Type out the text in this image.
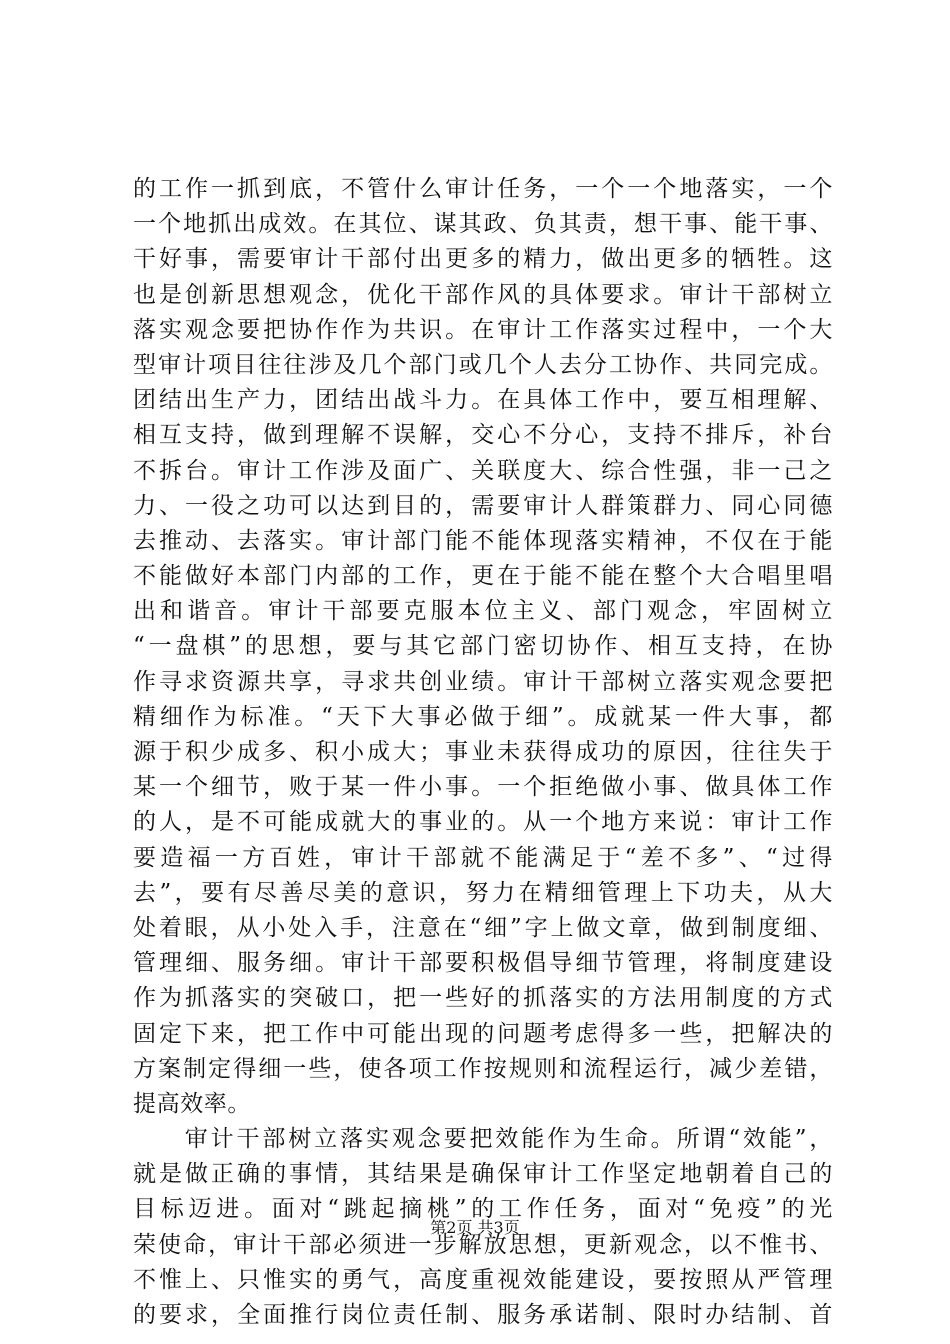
的工作一抓到底，不管什么审计任务，一个一个地落实，一个
一个地抓出成效。在其位、谋其政、负其责，想干事、能干事、
干好事，需要审计干部付出更多的精力，做出更多的牺牲。这
也是创新思想观念，优化干部作风的具体要求。审计干部树立
落实观念要把协作作为共识。在审计工作落实过程中，一个大
型审计项目往往涉及几个部门或几个人去分工协作、共同完成。
团结出生产力，团结出战斗力。在具体工作中，要互相理解、
相互支持，做到理解不误解，交心不分心，支持不排斥，补台
不拆台。审计工作涉及面广、关联度大、综合性强，非一己之
力、一役之功可以达到目的，需要审计人群策群力、同心同德
去推动、去落实。审计部门能不能体现落实精神，不仅在于能
不能做好本部门内部的工作，更在于能不能在整个大合唱里唱
出和谐音。审计干部要克服本位主义、部门观念，牢固树立
“一盘棋”的思想，要与其它部门密切协作、相互支持，在协
作寻求资源共享，寻求共创业绩。审计干部树立落实观念要把
精细作为标准。“天下大事必做于细”。成就某一件大事，都
源于积少成多、积小成大；事业未获得成功的原因，往往失于
某一个细节，败于某一件小事。一个拒绝做小事、做具体工作
的人，是不可能成就大的事业的。从一个地方来说：审计工作
要造福一方百姓，审计干部就不能满足于“差不多”、“过得
去”，要有尽善尽美的意识，努力在精细管理上下功夫，从大
处着眼，从小处入手，注意在“细”字上做文章，做到制度细、
管理细、服务细。审计干部要积极倡导细节管理，将制度建设
作为抓落实的突破口，把一些好的抓落实的方法用制度的方式
固定下来，把工作中可能出现的问题考虑得多一些，把解决的
方案制定得细一些，使各项工作按规则和流程运行，减少差错，
提高效率。
　　审计干部树立落实观念要把效能作为生命。所谓“效能”，
就是做正确的事情，其结果是确保审计工作坚定地朝着自己的
目标迈进。面对“跳起摘桃”的工作任务，面对“免疫”的光
荣使命，审计干部必须进一步解放思想，更新观念，以不惟书、
不惟上、只惟实的勇气，高度重视效能建设，要按照从严管理
的要求，全面推行岗位责任制、服务承诺制、限时办结制、首
第2页 共3页
